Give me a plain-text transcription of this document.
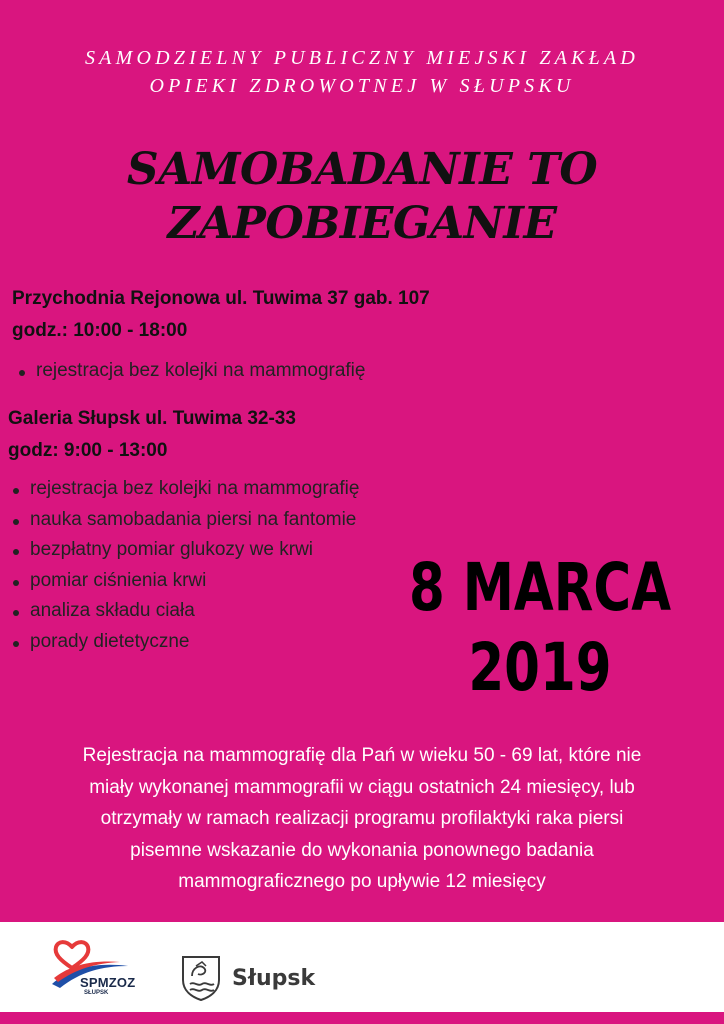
SAMODZIELNY PUBLICZNY MIEJSKI ZAKŁAD
OPIEKI ZDROWOTNEJ W SŁUPSKU
SAMOBADANIE TO
ZAPOBIEGANIE
Przychodnia Rejonowa ul. Tuwima 37 gab. 107
godz.: 10:00 - 18:00
rejestracja bez kolejki na mammografię
Galeria Słupsk ul. Tuwima 32-33
godz: 9:00 - 13:00
rejestracja bez kolejki na mammografię
nauka samobadania piersi na fantomie
bezpłatny pomiar glukozy we krwi
pomiar ciśnienia krwi
analiza składu ciała
porady dietetyczne
8 MARCA
2019
Rejestracja na mammografię dla Pań w wieku 50 - 69 lat, które nie
miały wykonanej mammografii w ciągu ostatnich 24 miesięcy, lub
otrzymały w ramach realizacji programu profilaktyki raka piersi
pisemne wskazanie do wykonania ponownego badania
mammograficznego po upływie 12 miesięcy
SPMZOZ
SŁUPSK
Słupsk
